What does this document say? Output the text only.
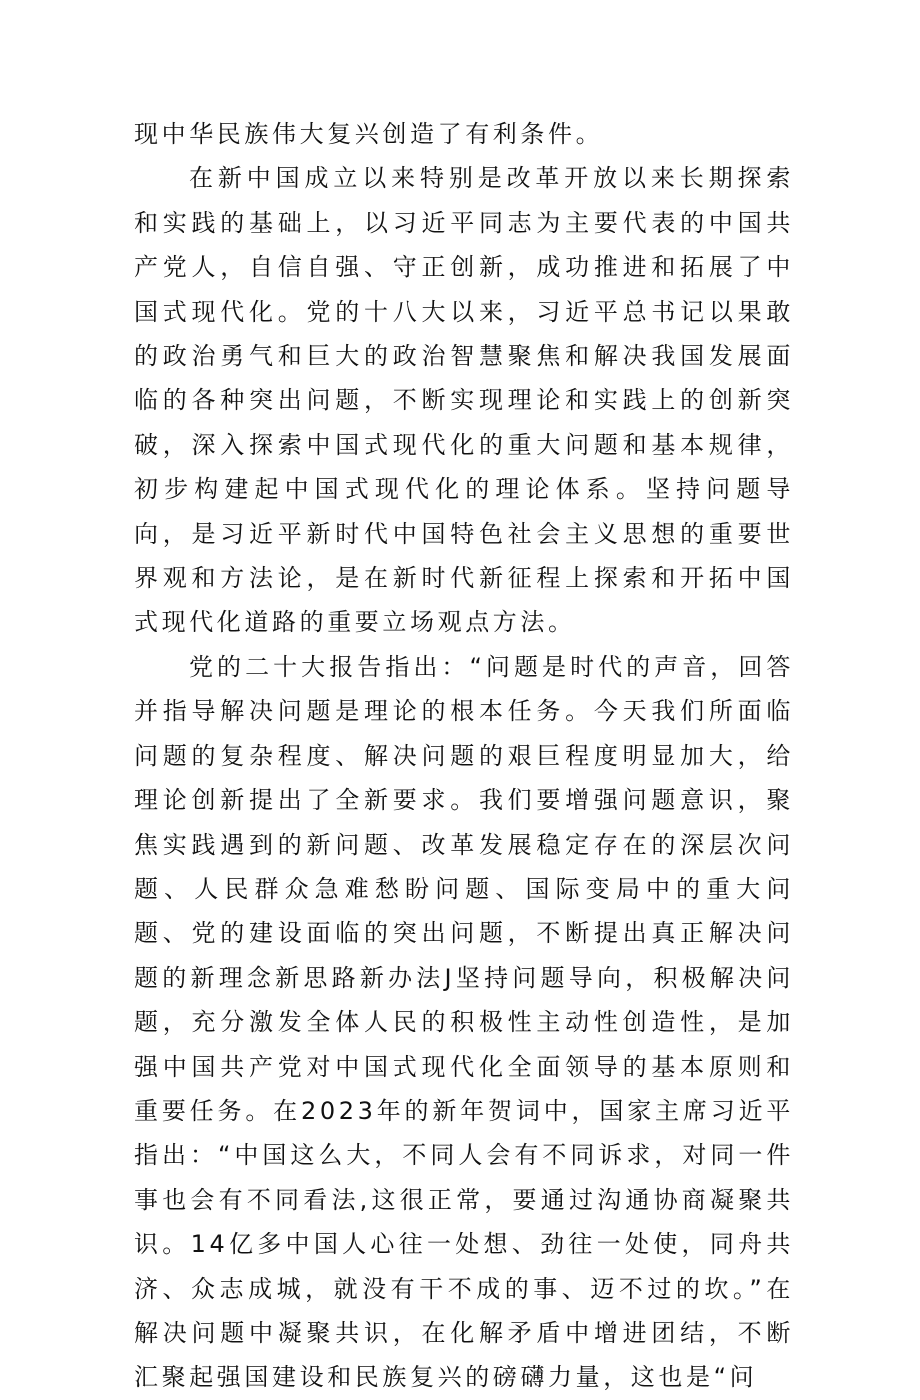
现中华民族伟大复兴创造了有利条件。

在新中国成立以来特别是改革开放以来长期探索和实践的基础上，以习近平同志为主要代表的中国共产党人，自信自强、守正创新，成功推进和拓展了中国式现代化。党的十八大以来，习近平总书记以果敢的政治勇气和巨大的政治智慧聚焦和解决我国发展面临的各种突出问题，不断实现理论和实践上的创新突破，深入探索中国式现代化的重大问题和基本规律，初步构建起中国式现代化的理论体系。坚持问题导向，是习近平新时代中国特色社会主义思想的重要世界观和方法论，是在新时代新征程上探索和开拓中国式现代化道路的重要立场观点方法。

党的二十大报告指出：“问题是时代的声音，回答并指导解决问题是理论的根本任务。今天我们所面临问题的复杂程度、解决问题的艰巨程度明显加大，给理论创新提出了全新要求。我们要增强问题意识，聚焦实践遇到的新问题、改革发展稳定存在的深层次问题、人民群众急难愁盼问题、国际变局中的重大问题、党的建设面临的突出问题，不断提出真正解决问题的新理念新思路新办法J坚持问题导向，积极解决问题，充分激发全体人民的积极性主动性创造性，是加强中国共产党对中国式现代化全面领导的基本原则和重要任务。在2023年的新年贺词中，国家主席习近平指出：“中国这么大，不同人会有不同诉求，对同一件事也会有不同看法,这很正常，要通过沟通协商凝聚共识。14亿多中国人心往一处想、劲往一处使，同舟共济、众志成城，就没有干不成的事、迈不过的坎。”在解决问题中凝聚共识，在化解矛盾中增进团结，不断汇聚起强国建设和民族复兴的磅礴力量，这也是“问
